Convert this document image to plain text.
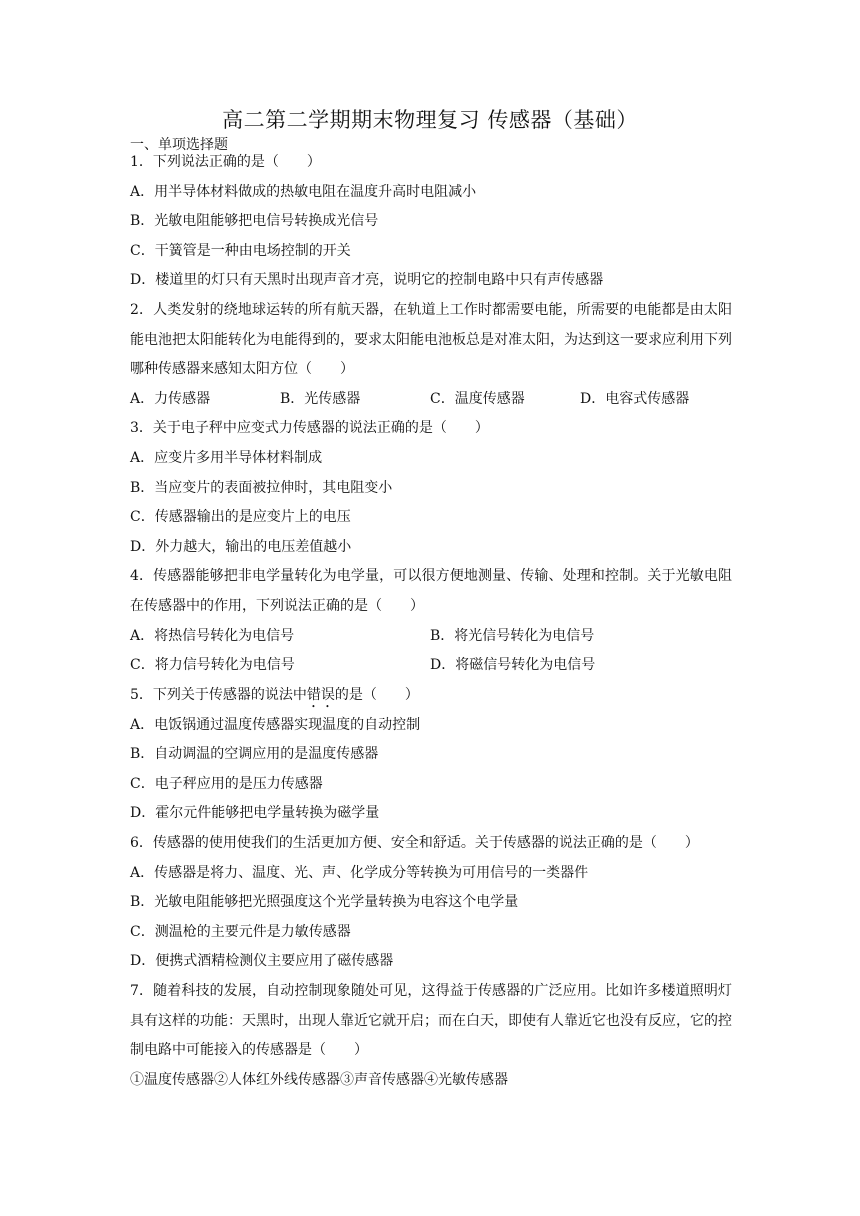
高二第二学期期末物理复习 传感器（基础）
一、单项选择题
1．下列说法正确的是（　　）
A．用半导体材料做成的热敏电阻在温度升高时电阻减小
B．光敏电阻能够把电信号转换成光信号
C．干簧管是一种由电场控制的开关
D．楼道里的灯只有天黑时出现声音才亮，说明它的控制电路中只有声传感器
2．人类发射的绕地球运转的所有航天器，在轨道上工作时都需要电能，所需要的电能都是由太阳能电池把太阳能转化为电能得到的，要求太阳能电池板总是对准太阳，为达到这一要求应利用下列哪种传感器来感知太阳方位（　　）
A．力传感器	B．光传感器	C．温度传感器	D．电容式传感器
3．关于电子秤中应变式力传感器的说法正确的是（　　）
A．应变片多用半导体材料制成
B．当应变片的表面被拉伸时，其电阻变小
C．传感器输出的是应变片上的电压
D．外力越大，输出的电压差值越小
4．传感器能够把非电学量转化为电学量，可以很方便地测量、传输、处理和控制。关于光敏电阻在传感器中的作用，下列说法正确的是（　　）
A．将热信号转化为电信号	B．将光信号转化为电信号
C．将力信号转化为电信号	D．将磁信号转化为电信号
5．下列关于传感器的说法中错误的是（　　）
A．电饭锅通过温度传感器实现温度的自动控制
B．自动调温的空调应用的是温度传感器
C．电子秤应用的是压力传感器
D．霍尔元件能够把电学量转换为磁学量
6．传感器的使用使我们的生活更加方便、安全和舒适。关于传感器的说法正确的是（　　）
A．传感器是将力、温度、光、声、化学成分等转换为可用信号的一类器件
B．光敏电阻能够把光照强度这个光学量转换为电容这个电学量
C．测温枪的主要元件是力敏传感器
D．便携式酒精检测仪主要应用了磁传感器
7．随着科技的发展，自动控制现象随处可见，这得益于传感器的广泛应用。比如许多楼道照明灯具有这样的功能：天黑时，出现人靠近它就开启；而在白天，即使有人靠近它也没有反应，它的控制电路中可能接入的传感器是（　　）
①温度传感器②人体红外线传感器③声音传感器④光敏传感器
